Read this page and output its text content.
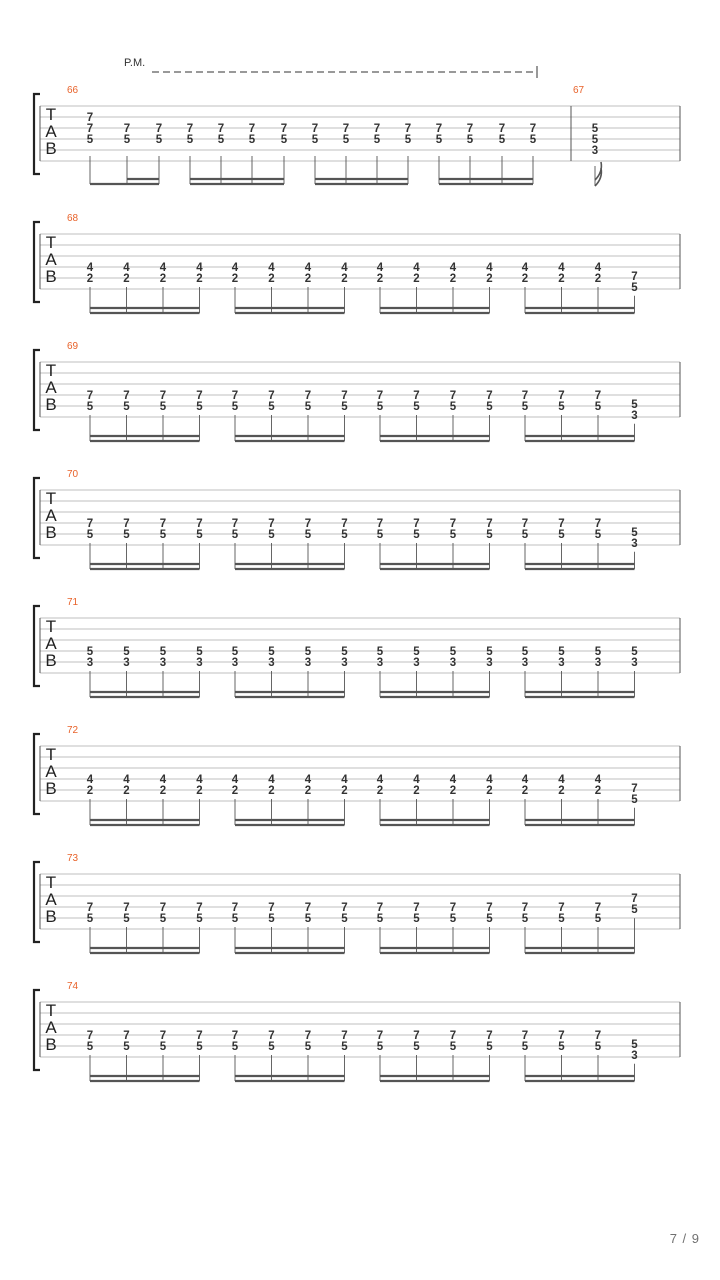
T
A
B
P.M.
66
7
7
5
7
5
7
5
7
5
7
5
7
5
7
5
7
5
7
5
7
5
7
5
7
5
7
5
7
5
7
5
67
5
5
3
T
A
B
68
4
2
4
2
4
2
4
2
4
2
4
2
4
2
4
2
4
2
4
2
4
2
4
2
4
2
4
2
4
2	7
5
T
A
B
69
7
5
7
5
7
5
7
5
7
5
7
5
7
5
7
5
7
5
7
5
7
5
7
5
7
5
7
5
7
5	5
3
T
A
B
70
7
5
7
5
7
5
7
5
7
5
7
5
7
5
7
5
7
5
7
5
7
5
7
5
7
5
7
5
7
5	5
3
T
A
B
71
5
3
5
3
5
3
5
3
5
3
5
3
5
3
5
3
5
3
5
3
5
3
5
3
5
3
5
3
5
3
5
3
T
A
B
72
4
2
4
2
4
2
4
2
4
2
4
2
4
2
4
2
4
2
4
2
4
2
4
2
4
2
4
2
4
2	7
5
T
A
B
73
7
5
7
5
7
5
7
5
7
5
7
5
7
5
7
5
7
5
7
5
7
5
7
5
7
5
7
5
7
5
7
5
T
A
B
74
7
5
7
5
7
5
7
5
7
5
7
5
7
5
7
5
7
5
7
5
7
5
7
5
7
5
7
5
7
5	5
3
7 / 9
